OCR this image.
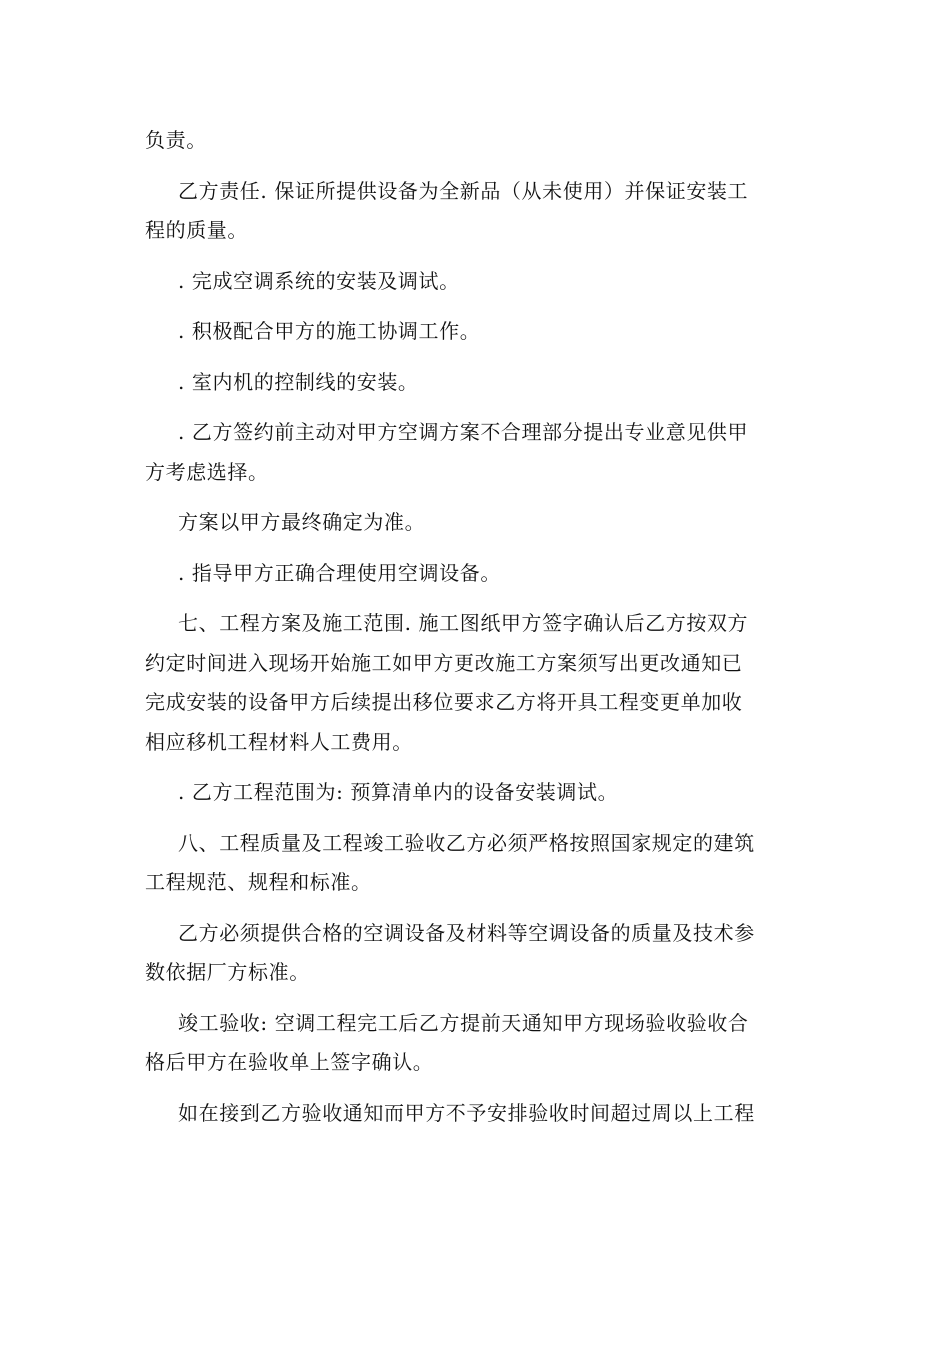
负责。
乙方责任. 保证所提供设备为全新品（从未使用）并保证安装工
程的质量。
. 完成空调系统的安装及调试。
. 积极配合甲方的施工协调工作。
. 室内机的控制线的安装。
. 乙方签约前主动对甲方空调方案不合理部分提出专业意见供甲
方考虑选择。
方案以甲方最终确定为准。
. 指导甲方正确合理使用空调设备。
七、工程方案及施工范围. 施工图纸甲方签字确认后乙方按双方
约定时间进入现场开始施工如甲方更改施工方案须写出更改通知已
完成安装的设备甲方后续提出移位要求乙方将开具工程变更单加收
相应移机工程材料人工费用。
. 乙方工程范围为: 预算清单内的设备安装调试。
八、工程质量及工程竣工验收乙方必须严格按照国家规定的建筑
工程规范、规程和标准。
乙方必须提供合格的空调设备及材料等空调设备的质量及技术参
数依据厂方标准。
竣工验收: 空调工程完工后乙方提前天通知甲方现场验收验收合
格后甲方在验收单上签字确认。
如在接到乙方验收通知而甲方不予安排验收时间超过周以上工程
